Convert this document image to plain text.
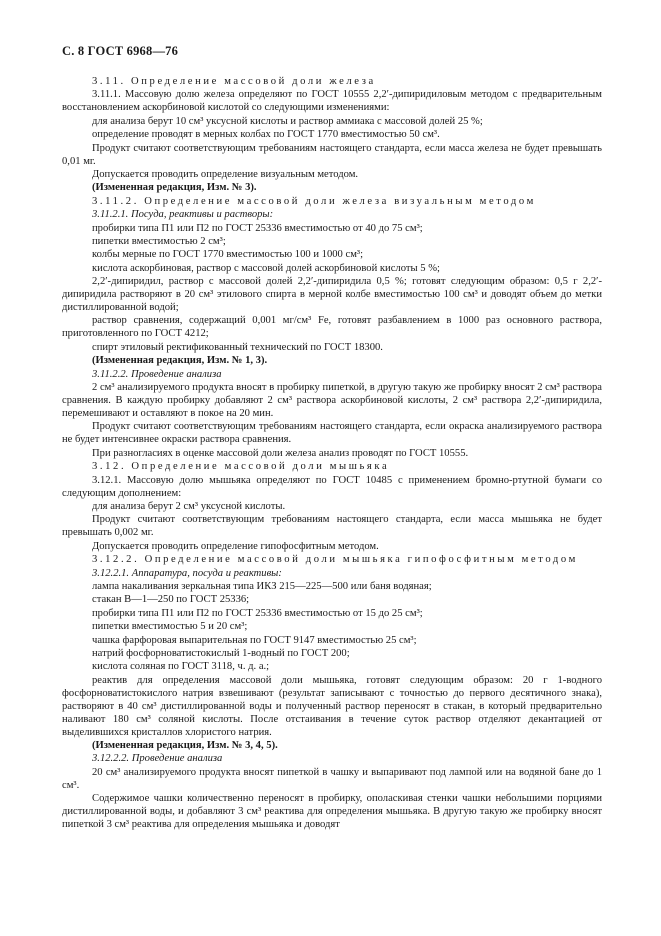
С. 8 ГОСТ 6968—76

3.11. Определение массовой доли железа

3.11.1. Массовую долю железа определяют по ГОСТ 10555 2,2′-дипиридиловым методом с предварительным восстановлением аскорбиновой кислотой со следующими изменениями:

для анализа берут 10 см³ уксусной кислоты и раствор аммиака с массовой долей 25 %;

определение проводят в мерных колбах по ГОСТ 1770 вместимостью 50 см³.

Продукт считают соответствующим требованиям настоящего стандарта, если масса железа не будет превышать 0,01 мг.

Допускается проводить определение визуальным методом.

(Измененная редакция, Изм. № 3).

3.11.2. Определение массовой доли железа визуальным методом

3.11.2.1. Посуда, реактивы и растворы:

пробирки типа П1 или П2 по ГОСТ 25336 вместимостью от 40 до 75 см³;

пипетки вместимостью 2 см³;

колбы мерные по ГОСТ 1770 вместимостью 100 и 1000 см³;

кислота аскорбиновая, раствор с массовой долей аскорбиновой кислоты 5 %;

2,2′-дипиридил, раствор с массовой долей 2,2′-дипиридила 0,5 %; готовят следующим образом: 0,5 г 2,2′-дипиридила растворяют в 20 см³ этилового спирта в мерной колбе вместимостью 100 см³ и доводят объем до метки дистиллированной водой;

раствор сравнения, содержащий 0,001 мг/см³ Fe, готовят разбавлением в 1000 раз основного раствора, приготовленного по ГОСТ 4212;

спирт этиловый ректификованный технический по ГОСТ 18300.

(Измененная редакция, Изм. № 1, 3).

3.11.2.2. Проведение анализа

2 см³ анализируемого продукта вносят в пробирку пипеткой, в другую такую же пробирку вносят 2 см³ раствора сравнения. В каждую пробирку добавляют 2 см³ раствора аскорбиновой кислоты, 2 см³ раствора 2,2′-дипиридила, перемешивают и оставляют в покое на 20 мин.

Продукт считают соответствующим требованиям настоящего стандарта, если окраска анализируемого раствора не будет интенсивнее окраски раствора сравнения.

При разногласиях в оценке массовой доли железа анализ проводят по ГОСТ 10555.

3.12. Определение массовой доли мышьяка

3.12.1. Массовую долю мышьяка определяют по ГОСТ 10485 с применением бромно-ртутной бумаги со следующим дополнением:

для анализа берут 2 см³ уксусной кислоты.

Продукт считают соответствующим требованиям настоящего стандарта, если масса мышьяка не будет превышать 0,002 мг.

Допускается проводить определение гипофосфитным методом.

3.12.2. Определение массовой доли мышьяка гипофосфитным методом

3.12.2.1. Аппаратура, посуда и реактивы:

лампа накаливания зеркальная типа ИКЗ 215—225—500 или баня водяная;

стакан В—1—250 по ГОСТ 25336;

пробирки типа П1 или П2 по ГОСТ 25336 вместимостью от 15 до 25 см³;

пипетки вместимостью 5 и 20 см³;

чашка фарфоровая выпарительная по ГОСТ 9147 вместимостью 25 см³;

натрий фосфорноватистокислый 1-водный по ГОСТ 200;

кислота соляная по ГОСТ 3118, ч. д. а.;

реактив для определения массовой доли мышьяка, готовят следующим образом: 20 г 1-водного фосфорноватистокислого натрия взвешивают (результат записывают с точностью до первого десятичного знака), растворяют в 40 см³ дистиллированной воды и полученный раствор переносят в стакан, в который предварительно наливают 180 см³ соляной кислоты. После отстаивания в течение суток раствор отделяют декантацией от выделившихся кристаллов хлористого натрия.

(Измененная редакция, Изм. № 3, 4, 5).

3.12.2.2. Проведение анализа

20 см³ анализируемого продукта вносят пипеткой в чашку и выпаривают под лампой или на водяной бане до 1 см³.

Содержимое чашки количественно переносят в пробирку, ополаскивая стенки чашки небольшими порциями дистиллированной воды, и добавляют 3 см³ реактива для определения мышьяка. В другую такую же пробирку вносят пипеткой 3 см³ реактива для определения мышьяка и доводят
